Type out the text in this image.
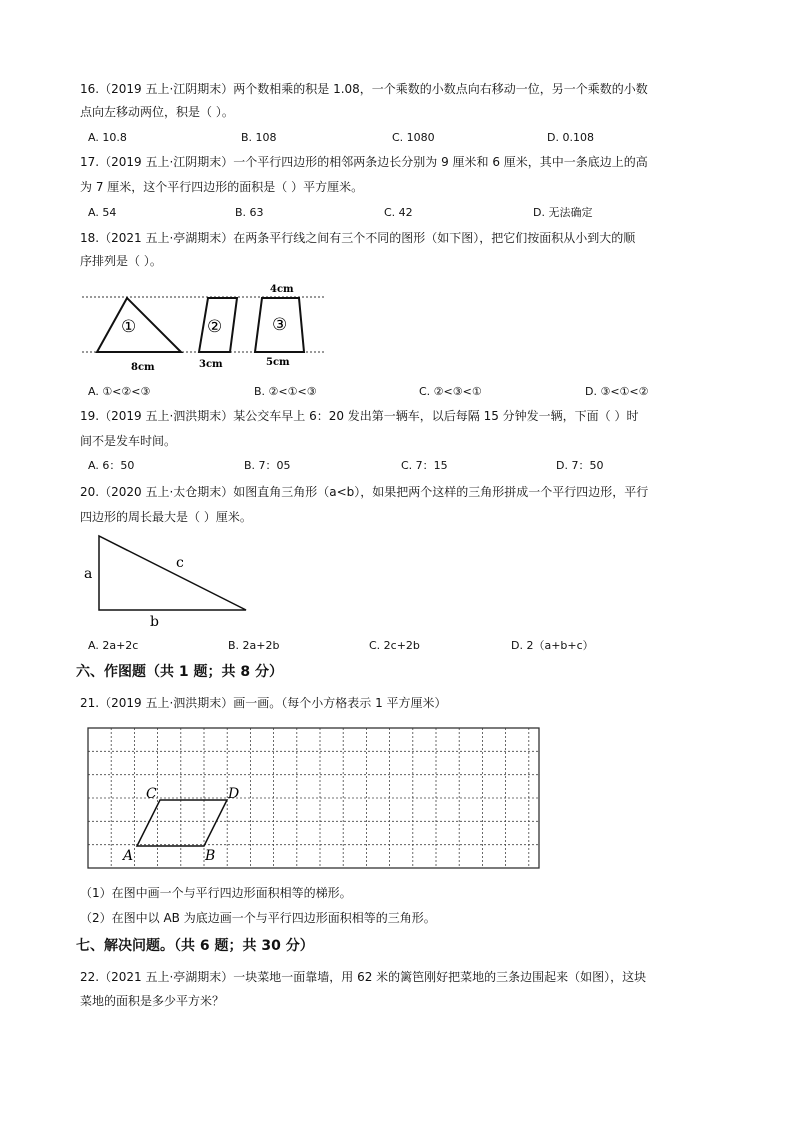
16.（2019 五上·江阴期末）两个数相乘的积是 1.08，一个乘数的小数点向右移动一位，另一个乘数的小数
点向左移动两位，积是（ ）。
A. 10.8	B. 108	C. 1080	D. 0.108
17.（2019 五上·江阴期末）一个平行四边形的相邻两条边长分别为 9 厘米和 6 厘米，其中一条底边上的高
为 7 厘米，这个平行四边形的面积是（ ）平方厘米。
A. 54	B. 63	C. 42	D. 无法确定
18.（2021 五上·亭湖期末）在两条平行线之间有三个不同的图形（如下图），把它们按面积从小到大的顺
序排列是（ ）。
①	②	③
4cm
8cm	3cm	5cm
A. ①<②<③	B. ②<①<③	C. ②<③<①	D. ③<①<②
19.（2019 五上·泗洪期末）某公交车早上 6：20 发出第一辆车，以后每隔 15 分钟发一辆，下面（ ）时
间不是发车时间。
A. 6：50	B. 7：05	C. 7：15	D. 7：50
20.（2020 五上·太仓期末）如图直角三角形（a<b），如果把两个这样的三角形拼成一个平行四边形，平行
四边形的周长最大是（ ）厘米。
a
c
b
A. 2a+2c	B. 2a+2b	C. 2c+2b	D. 2（a+b+c）
六、作图题（共 1 题；共 8 分）
21.（2019 五上·泗洪期末）画一画。（每个小方格表示 1 平方厘米）
A	B
C	D
（1）在图中画一个与平行四边形面积相等的梯形。
（2）在图中以 AB 为底边画一个与平行四边形面积相等的三角形。
七、解决问题。（共 6 题；共 30 分）
22.（2021 五上·亭湖期末）一块菜地一面靠墙，用 62 米的篱笆刚好把菜地的三条边围起来（如图），这块
菜地的面积是多少平方米？
